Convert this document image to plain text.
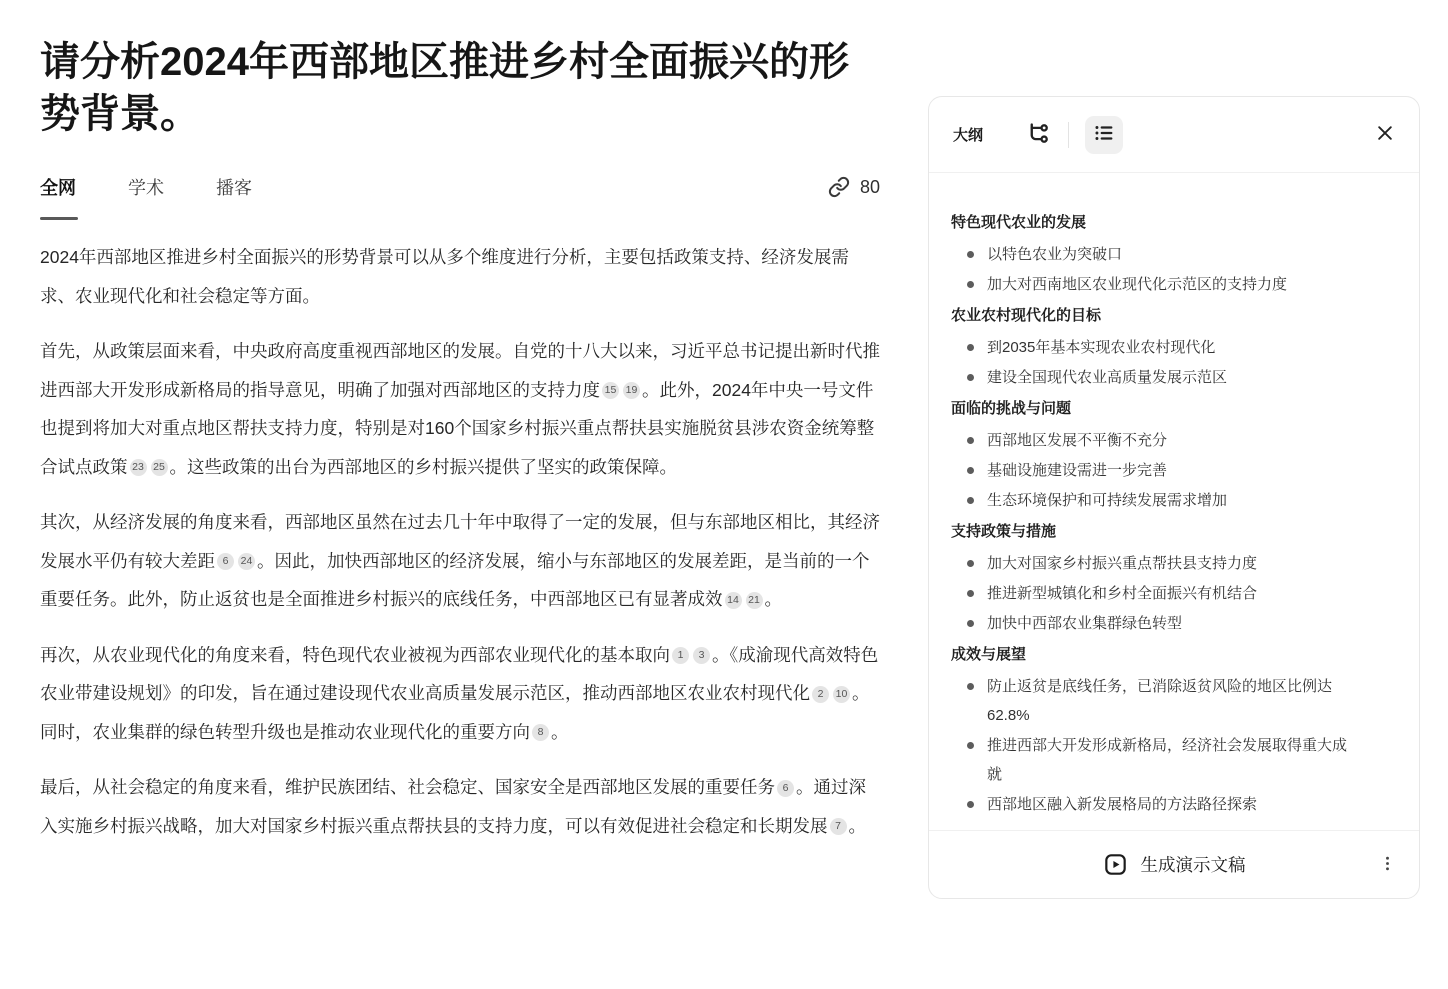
请分析2024年西部地区推进乡村全面振兴的形势背景。
全网	学术	播客	80

2024年西部地区推进乡村全面振兴的形势背景可以从多个维度进行分析，主要包括政策支持、经济发展需求、农业现代化和社会稳定等方面。

首先，从政策层面来看，中央政府高度重视西部地区的发展。自党的十八大以来，习近平总书记提出新时代推进西部大开发形成新格局的指导意见，明确了加强对西部地区的支持力度 15 19 。此外，2024年中央一号文件也提到将加大对重点地区帮扶支持力度，特别是对160个国家乡村振兴重点帮扶县实施脱贫县涉农资金统筹整合试点政策 23 25 。这些政策的出台为西部地区的乡村振兴提供了坚实的政策保障。

其次，从经济发展的角度来看，西部地区虽然在过去几十年中取得了一定的发展，但与东部地区相比，其经济发展水平仍有较大差距 6 24 。因此，加快西部地区的经济发展，缩小与东部地区的发展差距，是当前的一个重要任务。此外，防止返贫也是全面推进乡村振兴的底线任务，中西部地区已有显著成效 14 21 。

再次，从农业现代化的角度来看，特色现代农业被视为西部农业现代化的基本取向 1 3 。《成渝现代高效特色农业带建设规划》的印发，旨在通过建设现代农业高质量发展示范区，推动西部地区农业农村现代化 2 10 。同时，农业集群的绿色转型升级也是推动农业现代化的重要方向 8 。

最后，从社会稳定的角度来看，维护民族团结、社会稳定、国家安全是西部地区发展的重要任务 6 。通过深入实施乡村振兴战略，加大对国家乡村振兴重点帮扶县的支持力度，可以有效促进社会稳定和长期发展 7 。

大纲
特色现代农业的发展
以特色农业为突破口
加大对西南地区农业现代化示范区的支持力度
农业农村现代化的目标
到2035年基本实现农业农村现代化
建设全国现代农业高质量发展示范区
面临的挑战与问题
西部地区发展不平衡不充分
基础设施建设需进一步完善
生态环境保护和可持续发展需求增加
支持政策与措施
加大对国家乡村振兴重点帮扶县支持力度
推进新型城镇化和乡村全面振兴有机结合
加快中西部农业集群绿色转型
成效与展望
防止返贫是底线任务，已消除返贫风险的地区比例达62.8%
推进西部大开发形成新格局，经济社会发展取得重大成就
西部地区融入新发展格局的方法路径探索
生成演示文稿
